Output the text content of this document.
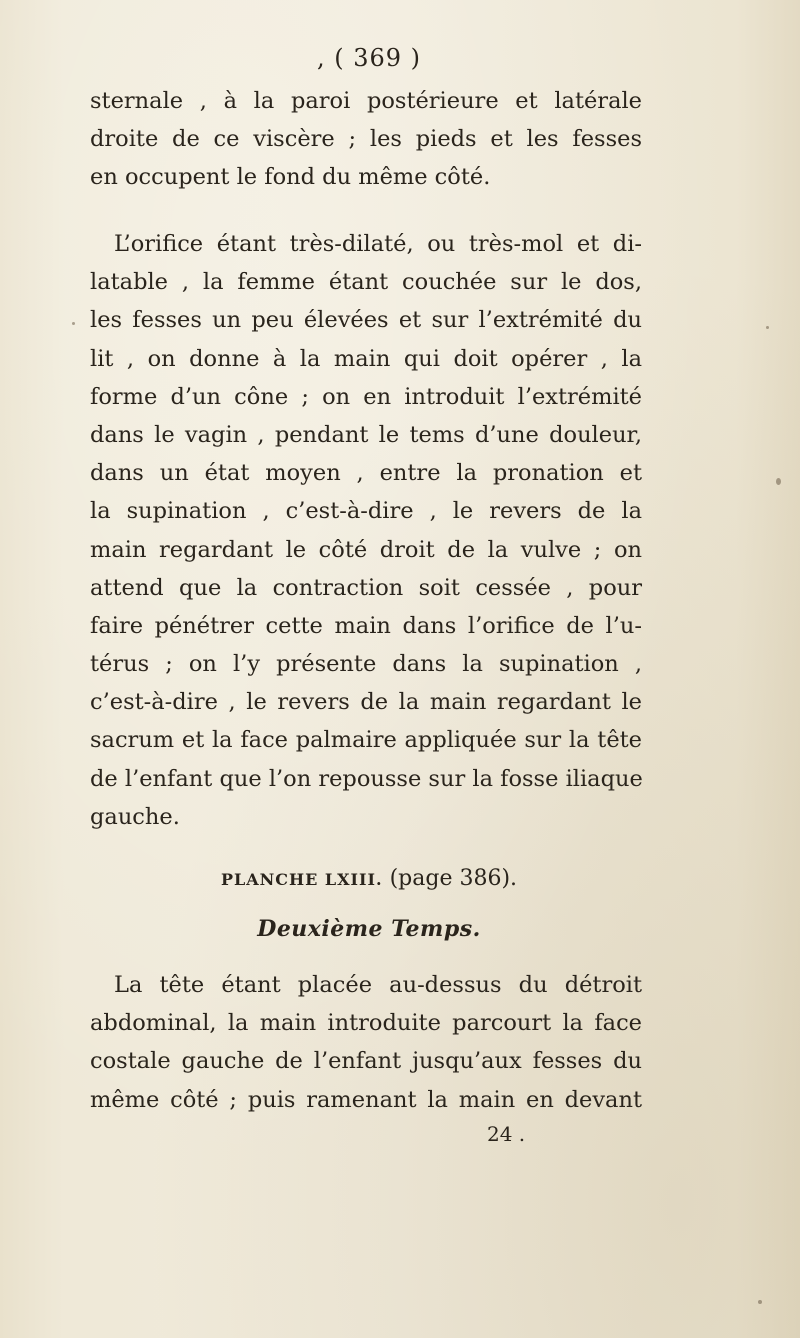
, ( 369 )
sternale , à la paroi postérieure et latérale
droite de ce viscère ; les pieds et les fesses
en occupent le fond du même côté.
L’orifice étant très-dilaté, ou très-mol et di-
latable , la femme étant couchée sur le dos,
les fesses un peu élevées et sur l’extrémité du
lit , on donne à la main qui doit opérer , la
forme d’un cône ; on en introduit l’extrémité
dans le vagin , pendant le tems d’une douleur,
dans un état moyen , entre la pronation et
la supination , c’est-à-dire , le revers de la
main regardant le côté droit de la vulve ; on
attend que la contraction soit cessée , pour
faire pénétrer cette main dans l’orifice de l’u-
térus ; on l’y présente dans la supination ,
c’est-à-dire , le revers de la main regardant le
sacrum et la face palmaire appliquée sur la tête
de l’enfant que l’on repousse sur la fosse iliaque
gauche.
PLANCHE LXIII. (page 386).
Deuxième Temps.
La tête étant placée au-dessus du détroit
abdominal, la main introduite parcourt la face
costale gauche de l’enfant jusqu’aux fesses du
même côté ; puis ramenant la main en devant
24 .
